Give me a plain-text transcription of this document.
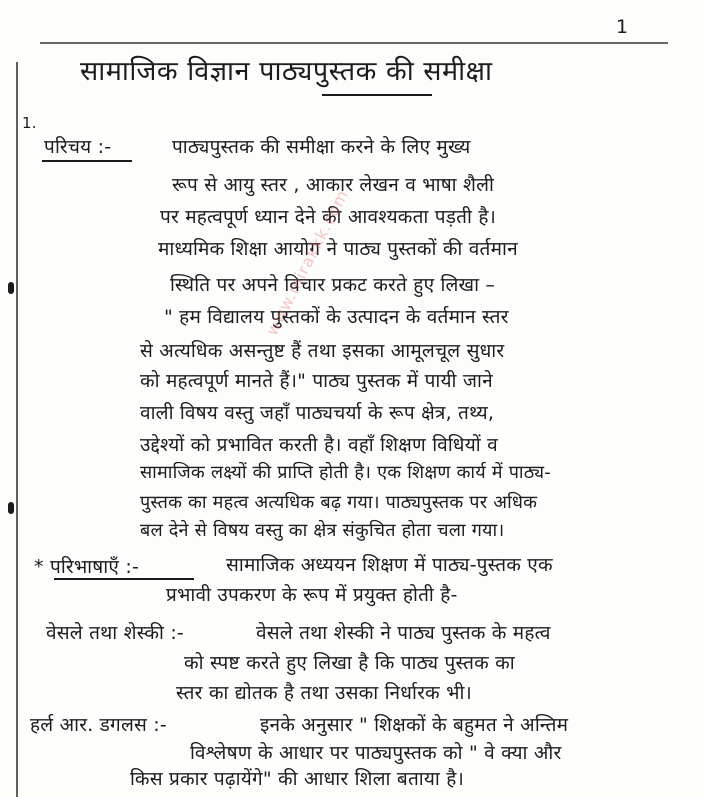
1
सामाजिक विज्ञान पाठ्यपुस्तक की समीक्षा
1.
परिचय :-	पाठ्यपुस्तक की समीक्षा करने के लिए मुख्य
रूप से आयु स्तर , आकार लेखन व भाषा शैली
पर महत्वपूर्ण ध्यान देने की आवश्यकता पड़ती है।
माध्यमिक शिक्षा आयोग ने पाठ्य पुस्तकों की वर्तमान
स्थिति पर अपने विचार प्रकट करते हुए लिखा –
" हम विद्यालय पुस्तकों के उत्पादन के वर्तमान स्तर
से अत्यधिक असन्तुष्ट हैं तथा इसका आमूलचूल सुधार
को महत्वपूर्ण मानते हैं।" पाठ्य पुस्तक में पायी जाने
वाली विषय वस्तु जहाँ पाठ्यचर्या के रूप क्षेत्र, तथ्य,
उद्देश्यों को प्रभावित करती है। वहाँ शिक्षण विधियों व
सामाजिक लक्ष्यों की प्राप्ति होती है। एक शिक्षण कार्य में पाठ्य-
पुस्तक का महत्व अत्यधिक बढ़ गया। पाठ्यपुस्तक पर अधिक
बल देने से विषय वस्तु का क्षेत्र संकुचित होता चला गया।
* परिभाषाएँ :-	सामाजिक अध्ययन शिक्षण में पाठ्य-पुस्तक एक
प्रभावी उपकरण के रूप में प्रयुक्त होती है-
वेसले तथा शेस्की :-	वेसले तथा शेस्की ने पाठ्य पुस्तक के महत्व
को स्पष्ट करते हुए लिखा है कि पाठ्य पुस्तक का
स्तर का द्योतक है तथा उसका निर्धारक भी।
हर्ल आर. डगलस :-	इनके अनुसार " शिक्षकों के बहुमत ने अन्तिम
विश्लेषण के आधार पर पाठ्यपुस्तक को " वे क्या और
किस प्रकार पढ़ायेंगे" की आधार शिला बताया है।
www.mirakkk.com
